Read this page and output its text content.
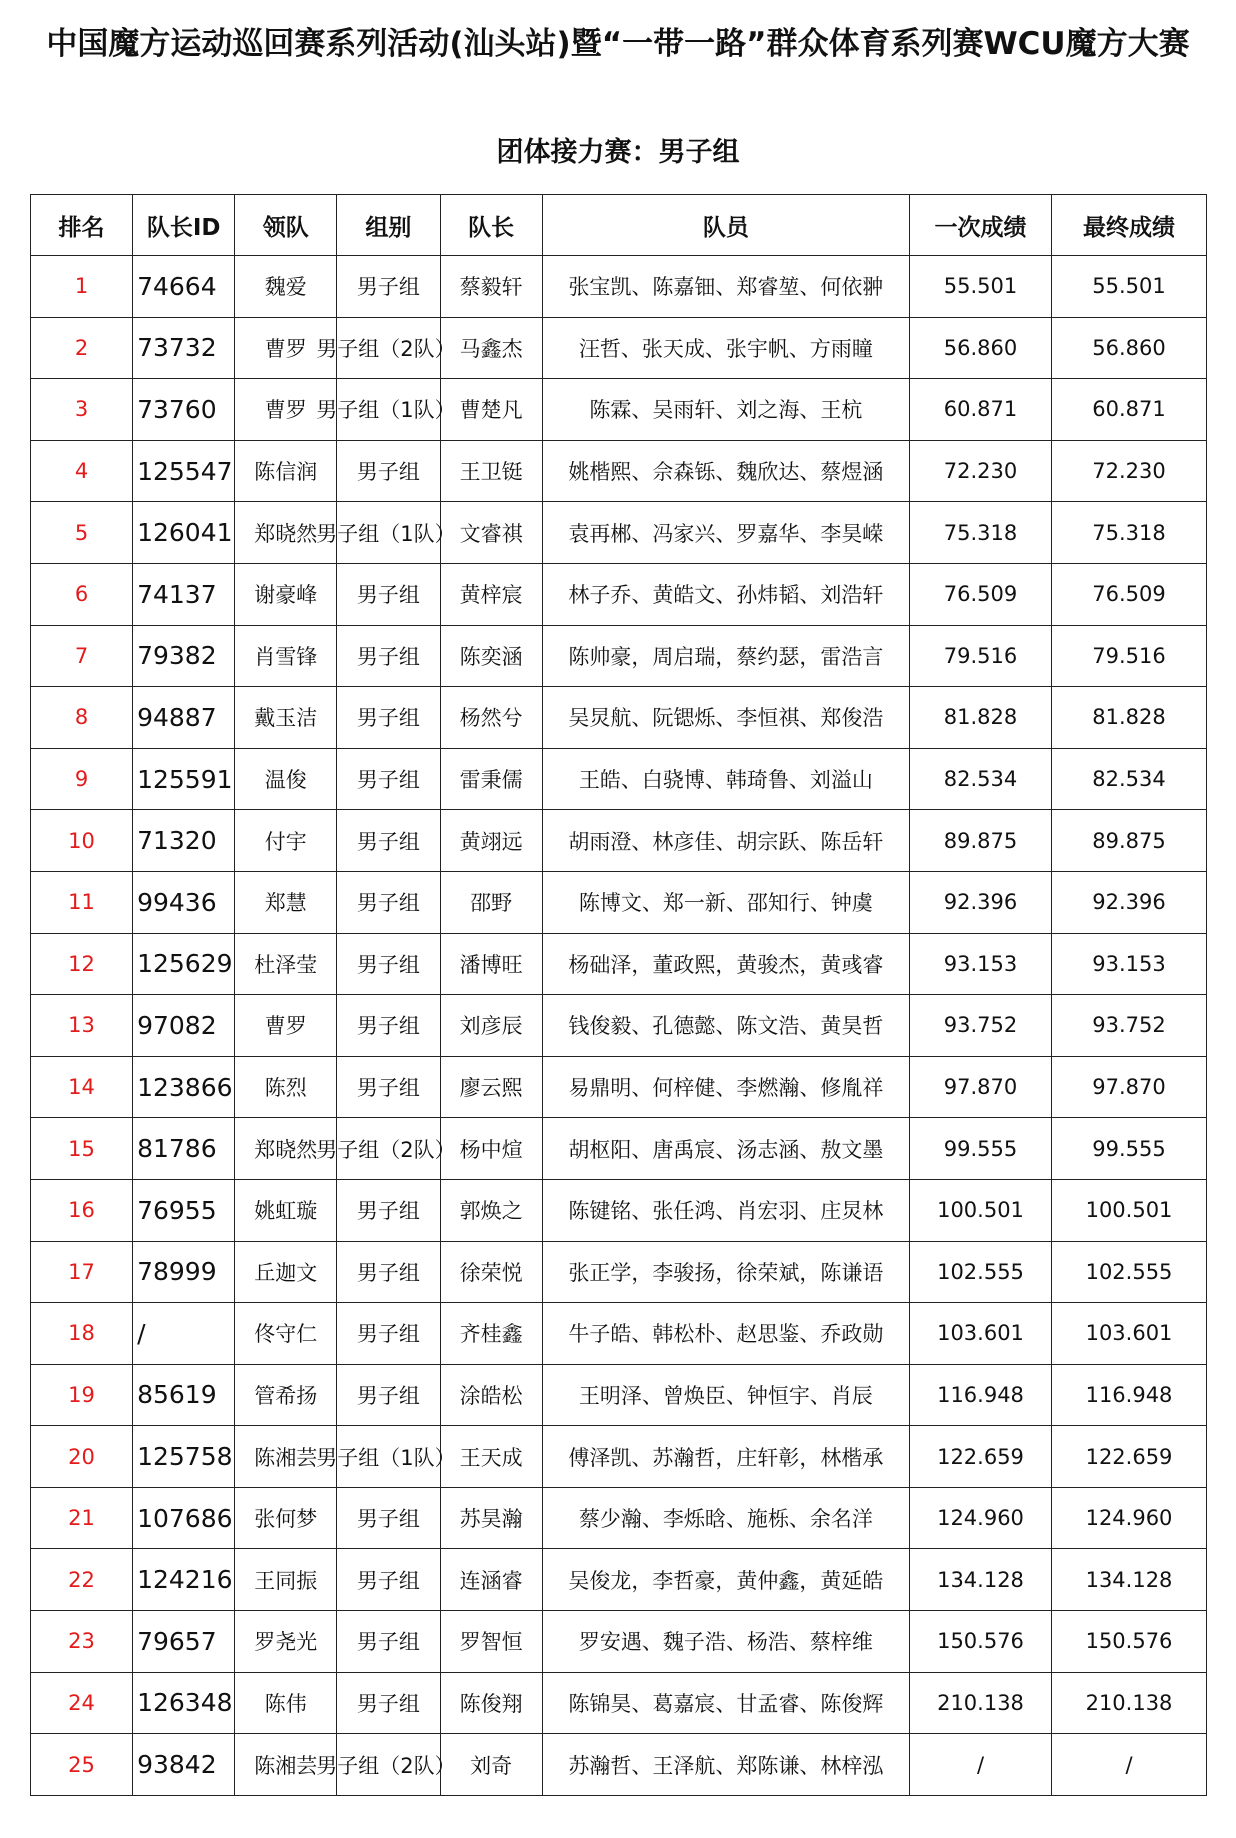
中国魔方运动巡回赛系列活动(汕头站)暨“一带一路”群众体育系列赛WCU魔方大赛
团体接力赛：男子组
排名	队长ID	领队	组别	队长	队员	一次成绩	最终成绩
1	74664	魏爱	男子组	蔡毅轩	张宝凯、陈嘉钿、郑睿堃、何依翀	55.501	55.501
2	73732	曹罗	男子组（2队）	马鑫杰	汪哲、张天成、张宇帆、方雨瞳	56.860	56.860
3	73760	曹罗	男子组（1队）	曹楚凡	陈霖、吴雨轩、刘之海、王杭	60.871	60.871
4	125547	陈信润	男子组	王卫铤	姚楷熙、佘森铄、魏欣达、蔡煜涵	72.230	72.230
5	126041	郑晓然	男子组（1队）	文睿祺	袁再郴、冯家兴、罗嘉华、李昊嵘	75.318	75.318
6	74137	谢豪峰	男子组	黄梓宸	林子乔、黄皓文、孙炜韬、刘浩轩	76.509	76.509
7	79382	肖雪锋	男子组	陈奕涵	陈帅豪，周启瑞，蔡约瑟，雷浩言	79.516	79.516
8	94887	戴玉洁	男子组	杨然兮	吴炅航、阮锶烁、李恒祺、郑俊浩	81.828	81.828
9	125591	温俊	男子组	雷秉儒	王皓、白骁博、韩琦鲁、刘溢山	82.534	82.534
10	71320	付宇	男子组	黄翊远	胡雨澄、林彦佳、胡宗跃、陈岳轩	89.875	89.875
11	99436	郑慧	男子组	邵野	陈博文、郑一新、邵知行、钟虞	92.396	92.396
12	125629	杜泽莹	男子组	潘博旺	杨础泽，董政熙，黄骏杰，黄彧睿	93.153	93.153
13	97082	曹罗	男子组	刘彦辰	钱俊毅、孔德懿、陈文浩、黄昊哲	93.752	93.752
14	123866	陈烈	男子组	廖云熙	易鼎明、何梓健、李燃瀚、修胤祥	97.870	97.870
15	81786	郑晓然	男子组（2队）	杨中煊	胡枢阳、唐禹宸、汤志涵、敖文墨	99.555	99.555
16	76955	姚虹璇	男子组	郭焕之	陈键铭、张任鸿、肖宏羽、庄炅林	100.501	100.501
17	78999	丘迦文	男子组	徐荣悦	张正学，李骏扬，徐荣斌，陈谦语	102.555	102.555
18	/	佟守仁	男子组	齐桂鑫	牛子皓、韩松朴、赵思鉴、乔政勋	103.601	103.601
19	85619	管希扬	男子组	涂皓松	王明泽、曾焕臣、钟恒宇、肖辰	116.948	116.948
20	125758	陈湘芸	男子组（1队）	王天成	傅泽凯、苏瀚哲，庄轩彰，林楷承	122.659	122.659
21	107686	张何梦	男子组	苏昊瀚	蔡少瀚、李烁晗、施栎、余名洋	124.960	124.960
22	124216	王同振	男子组	连涵睿	吴俊龙，李哲豪，黄仲鑫，黄延皓	134.128	134.128
23	79657	罗尧光	男子组	罗智恒	罗安遇、魏子浩、杨浩、蔡梓维	150.576	150.576
24	126348	陈伟	男子组	陈俊翔	陈锦昊、葛嘉宸、甘孟睿、陈俊辉	210.138	210.138
25	93842	陈湘芸	男子组（2队）	刘奇	苏瀚哲、王泽航、郑陈谦、林梓泓	/	/
